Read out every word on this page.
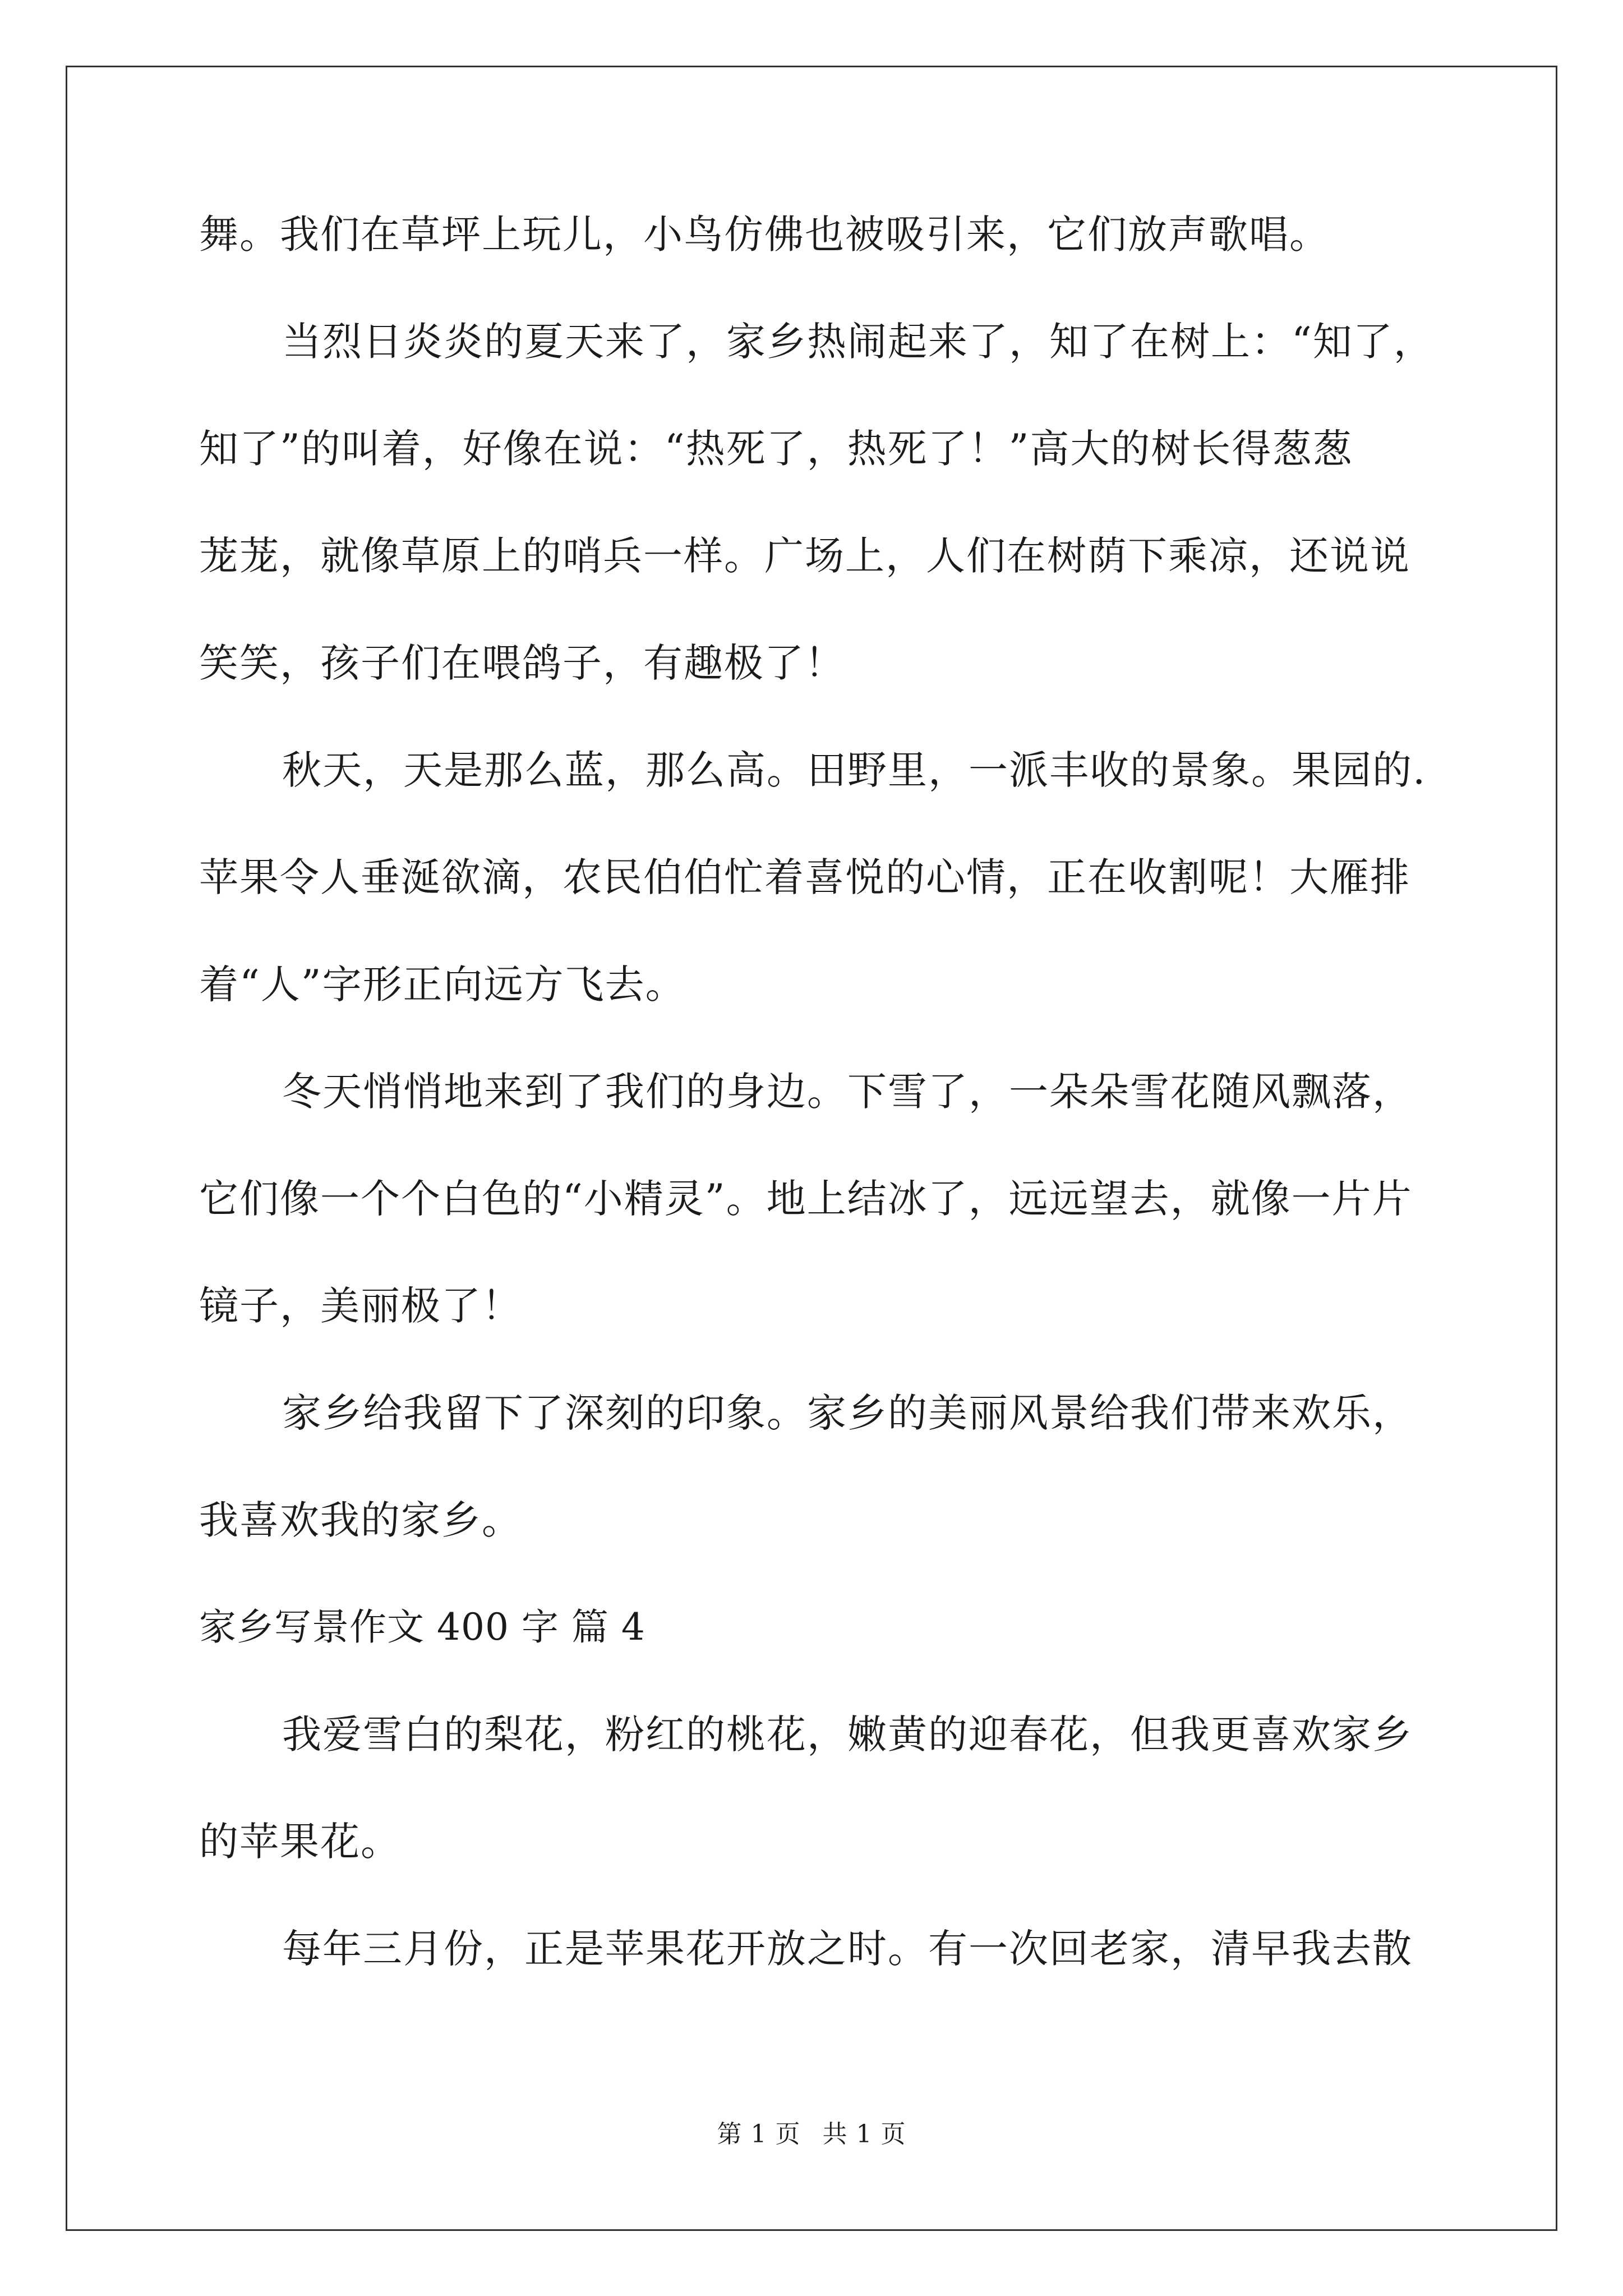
舞。我们在草坪上玩儿，小鸟仿佛也被吸引来，它们放声歌唱。
当烈日炎炎的夏天来了，家乡热闹起来了，知了在树上：“知了，
知了”的叫着，好像在说：“热死了，热死了！”高大的树长得葱葱
茏茏，就像草原上的哨兵一样。广场上，人们在树荫下乘凉，还说说
笑笑，孩子们在喂鸽子，有趣极了！
秋天，天是那么蓝，那么高。田野里，一派丰收的景象。果园的.
苹果令人垂涎欲滴，农民伯伯忙着喜悦的心情，正在收割呢！大雁排
着“人”字形正向远方飞去。
冬天悄悄地来到了我们的身边。下雪了，一朵朵雪花随风飘落，
它们像一个个白色的“小精灵”。地上结冰了，远远望去，就像一片片
镜子，美丽极了！
家乡给我留下了深刻的印象。家乡的美丽风景给我们带来欢乐，
我喜欢我的家乡。
家乡写景作文 400 字 篇 4
我爱雪白的梨花，粉红的桃花，嫩黄的迎春花，但我更喜欢家乡
的苹果花。
每年三月份，正是苹果花开放之时。有一次回老家，清早我去散
第 1 页 共 1 页
